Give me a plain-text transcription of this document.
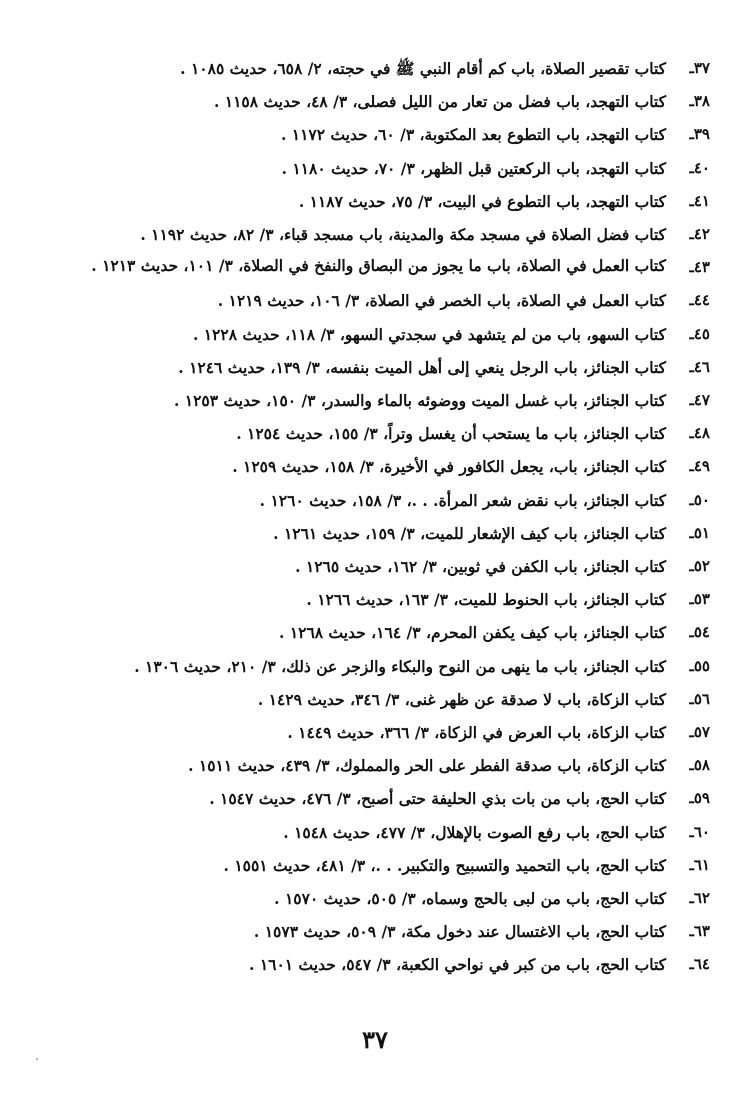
٣٧ـ
كتاب تقصير الصلاة، باب كم أقام النبي ﷺ في حجته، ٢/ ٦٥٨، حديث ١٠٨٥ .
٣٨ـ
كتاب التهجد، باب فضل من تعار من الليل فصلى، ٣/ ٤٨، حديث ١١٥٨ .
٣٩ـ
كتاب التهجد، باب التطوع بعد المكتوبة، ٣/ ٦٠، حديث ١١٧٢ .
٤٠ـ
كتاب التهجد، باب الركعتين قبل الظهر، ٣/ ٧٠، حديث ١١٨٠ .
٤١ـ
كتاب التهجد، باب التطوع في البيت، ٣/ ٧٥، حديث ١١٨٧ .
٤٢ـ
كتاب فضل الصلاة في مسجد مكة والمدينة، باب مسجد قباء، ٣/ ٨٢، حديث ١١٩٢ .
٤٣ـ
كتاب العمل في الصلاة، باب ما يجوز من البصاق والنفخ في الصلاة، ٣/ ١٠١، حديث ١٢١٣ .
٤٤ـ
كتاب العمل في الصلاة، باب الخصر في الصلاة، ٣/ ١٠٦، حديث ١٢١٩ .
٤٥ـ
كتاب السهو، باب من لم يتشهد في سجدتي السهو، ٣/ ١١٨، حديث ١٢٢٨ .
٤٦ـ
كتاب الجنائز، باب الرجل ينعي إلى أهل الميت بنفسه، ٣/ ١٣٩، حديث ١٢٤٦ .
٤٧ـ
كتاب الجنائز، باب غسل الميت ووضوئه بالماء والسدر، ٣/ ١٥٠، حديث ١٢٥٣ .
٤٨ـ
كتاب الجنائز، باب ما يستحب أن يغسل وتراً، ٣/ ١٥٥، حديث ١٢٥٤ .
٤٩ـ
كتاب الجنائز، باب، يجعل الكافور في الأخيرة، ٣/ ١٥٨، حديث ١٢٥٩ .
٥٠ـ
كتاب الجنائز، باب نقض شعر المرأة. . .، ٣/ ١٥٨، حديث ١٢٦٠ .
٥١ـ
كتاب الجنائز، باب كيف الإشعار للميت، ٣/ ١٥٩، حديث ١٢٦١ .
٥٢ـ
كتاب الجنائز، باب الكفن في ثوبين، ٣/ ١٦٢، حديث ١٢٦٥ .
٥٣ـ
كتاب الجنائز، باب الحنوط للميت، ٣/ ١٦٣، حديث ١٢٦٦ .
٥٤ـ
كتاب الجنائز، باب كيف يكفن المحرم، ٣/ ١٦٤، حديث ١٢٦٨ .
٥٥ـ
كتاب الجنائز، باب ما ينهى من النوح والبكاء والزجر عن ذلك، ٣/ ٢١٠، حديث ١٣٠٦ .
٥٦ـ
كتاب الزكاة، باب لا صدقة عن ظهر غنى، ٣/ ٣٤٦، حديث ١٤٢٩ .
٥٧ـ
كتاب الزكاة، باب العرض في الزكاة، ٣/ ٣٦٦، حديث ١٤٤٩ .
٥٨ـ
كتاب الزكاة، باب صدقة الفطر على الحر والمملوك، ٣/ ٤٣٩، حديث ١٥١١ .
٥٩ـ
كتاب الحج، باب من بات بذي الحليفة حتى أصبح، ٣/ ٤٧٦، حديث ١٥٤٧ .
٦٠ـ
كتاب الحج، باب رفع الصوت بالإهلال، ٣/ ٤٧٧، حديث ١٥٤٨ .
٦١ـ
كتاب الحج، باب التحميد والتسبيح والتكبير. . .، ٣/ ٤٨١، حديث ١٥٥١ .
٦٢ـ
كتاب الحج، باب من لبى بالحج وسماه، ٣/ ٥٠٥، حديث ١٥٧٠ .
٦٣ـ
كتاب الحج، باب الاغتسال عند دخول مكة، ٣/ ٥٠٩، حديث ١٥٧٣ .
٦٤ـ
كتاب الحج، باب من كبر في نواحي الكعبة، ٣/ ٥٤٧، حديث ١٦٠١ .
٣٧
